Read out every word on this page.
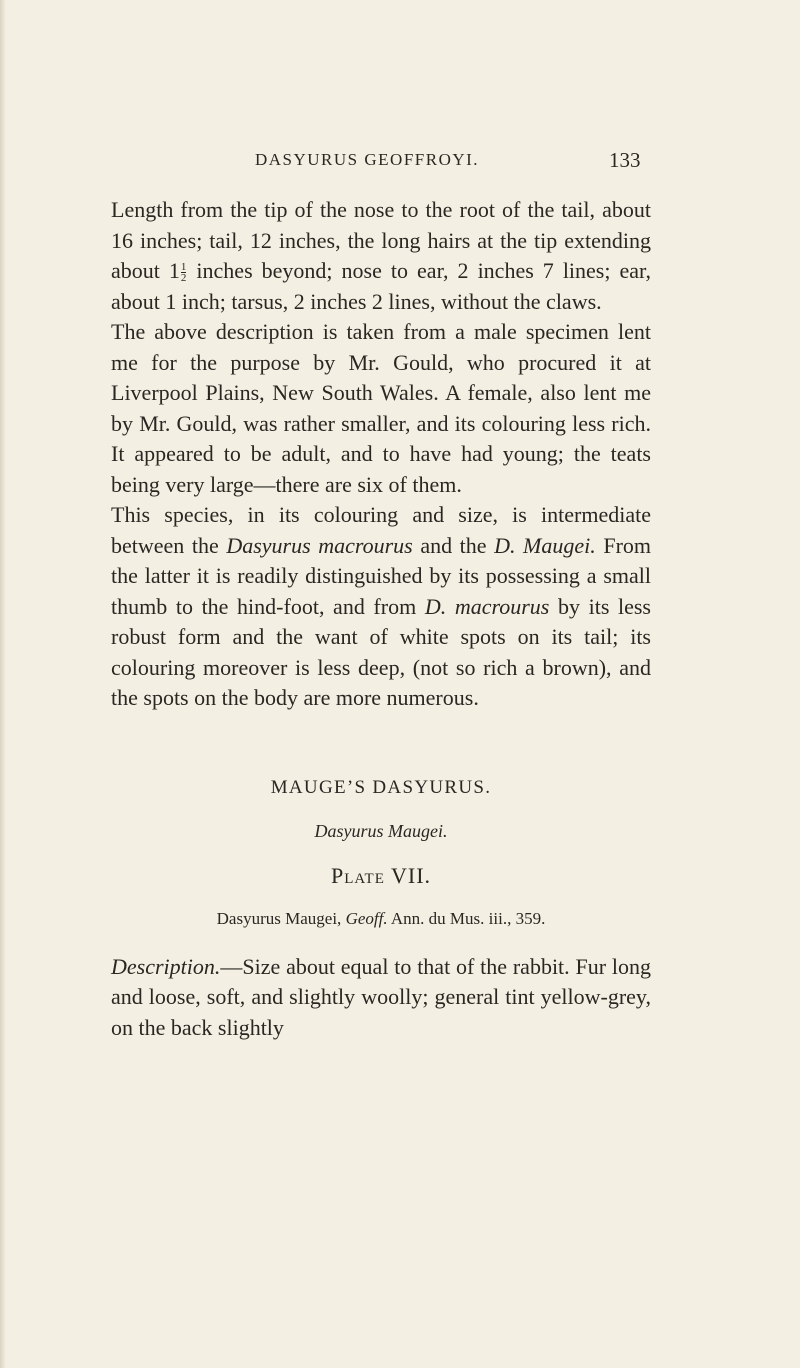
DASYURUS GEOFFROYI.	133

Length from the tip of the nose to the root of the tail, about 16 inches; tail, 12 inches, the long hairs at the tip extending about $1 \frac{1}{2}$ inches beyond; nose to ear, 2 inches 7 lines; ear, about 1 inch; tarsus, 2 inches 2 lines, without the claws.

The above description is taken from a male specimen lent me for the purpose by Mr. Gould, who procured it at Liverpool Plains, New South Wales. A female, also lent me by Mr. Gould, was rather smaller, and its colouring less rich. It appeared to be adult, and to have had young; the teats being very large—there are six of them.

This species, in its colouring and size, is intermediate between the Dasyurus macrourus and the D. Maugei. From the latter it is readily distinguished by its possessing a small thumb to the hind-foot, and from D. macrourus by its less robust form and the want of white spots on its tail; its colouring moreover is less deep, (not so rich a brown), and the spots on the body are more numerous.

MAUGE’S DASYURUS.
Dasyurus Maugei.
Plate VII.
Dasyurus Maugei, Geoff. Ann. du Mus. iii., 359.

Description.—Size about equal to that of the rabbit. Fur long and loose, soft, and slightly woolly; general tint yellow-grey, on the back slightly
